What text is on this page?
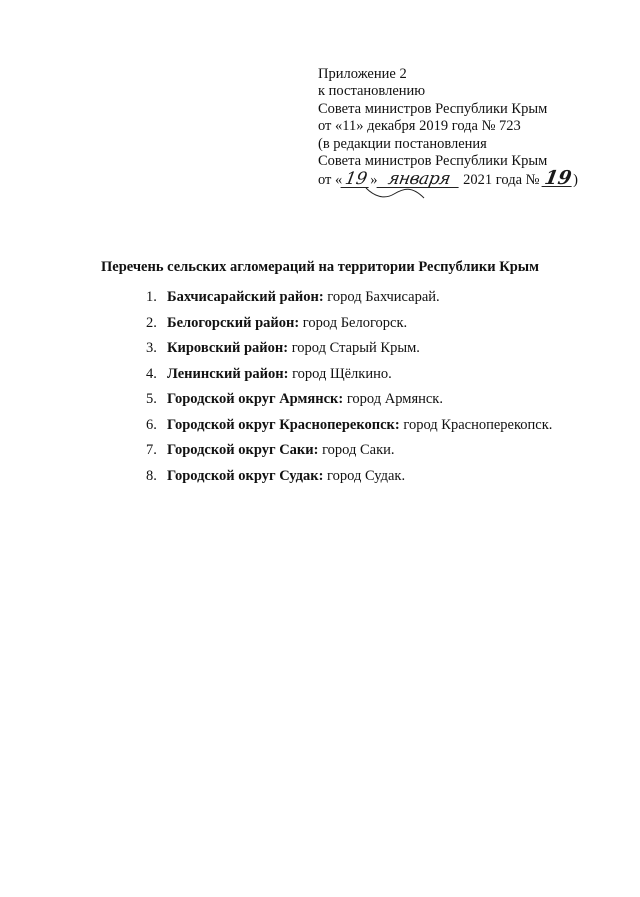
Приложение 2
к постановлению
Совета министров Республики Крым
от «11» декабря 2019 года № 723
(в редакции постановления
Совета министров Республики Крым
от «19» января 2021 года № 19)
Перечень сельских агломераций на территории Республики Крым
1. Бахчисарайский район: город Бахчисарай.
2. Белогорский район: город Белогорск.
3. Кировский район: город Старый Крым.
4. Ленинский район: город Щёлкино.
5. Городской округ Армянск: город Армянск.
6. Городской округ Красноперекопск: город Красноперекопск.
7. Городской округ Саки: город Саки.
8. Городской округ Судак: город Судак.
